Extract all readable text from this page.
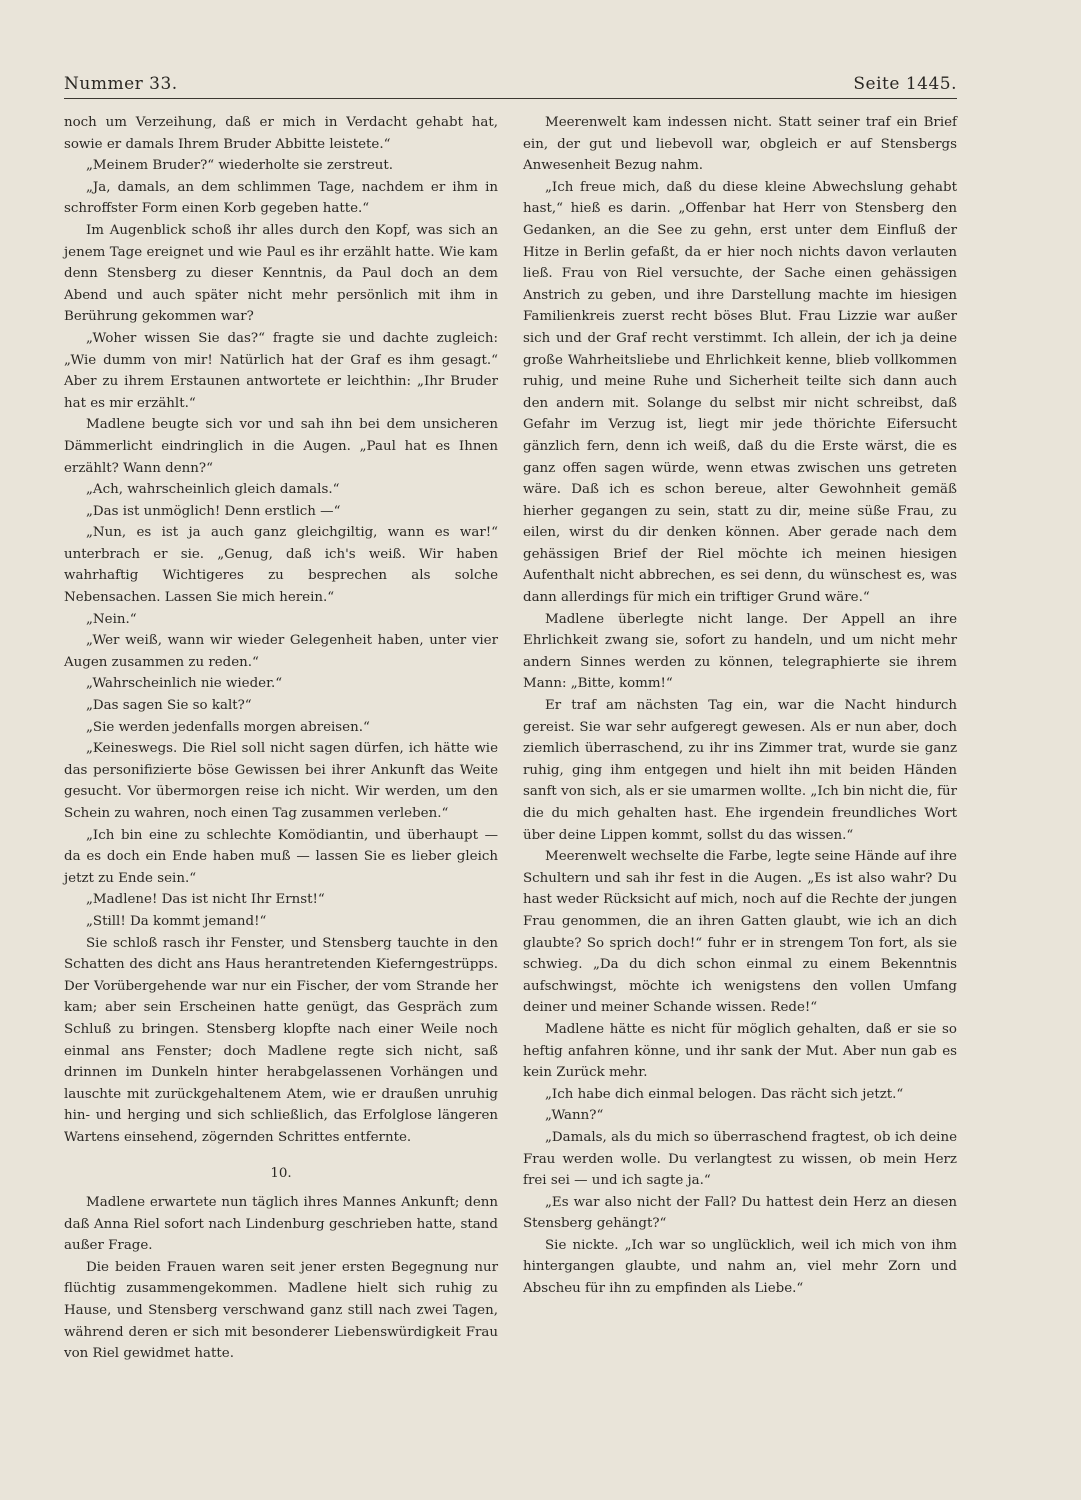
Nummer 33.	Seite 1445.

noch um Verzeihung, daß er mich in Verdacht gehabt hat, sowie er damals Ihrem Bruder Abbitte leistete.“

„Meinem Bruder?“ wiederholte sie zerstreut.

„Ja, damals, an dem schlimmen Tage, nachdem er ihm in schroffster Form einen Korb gegeben hatte.“

Im Augenblick schoß ihr alles durch den Kopf, was sich an jenem Tage ereignet und wie Paul es ihr erzählt hatte. Wie kam denn Stensberg zu dieser Kenntnis, da Paul doch an dem Abend und auch später nicht mehr persönlich mit ihm in Berührung gekommen war?

„Woher wissen Sie das?“ fragte sie und dachte zugleich: „Wie dumm von mir! Natürlich hat der Graf es ihm gesagt.“ Aber zu ihrem Erstaunen antwortete er leichthin: „Ihr Bruder hat es mir erzählt.“

Madlene beugte sich vor und sah ihn bei dem unsicheren Dämmerlicht eindringlich in die Augen. „Paul hat es Ihnen erzählt? Wann denn?“

„Ach, wahrscheinlich gleich damals.“

„Das ist unmöglich! Denn erstlich —“

„Nun, es ist ja auch ganz gleichgiltig, wann es war!“ unterbrach er sie. „Genug, daß ich's weiß. Wir haben wahrhaftig Wichtigeres zu besprechen als solche Nebensachen. Lassen Sie mich herein.“

„Nein.“

„Wer weiß, wann wir wieder Gelegenheit haben, unter vier Augen zusammen zu reden.“

„Wahrscheinlich nie wieder.“

„Das sagen Sie so kalt?“

„Sie werden jedenfalls morgen abreisen.“

„Keineswegs. Die Riel soll nicht sagen dürfen, ich hätte wie das personifizierte böse Gewissen bei ihrer Ankunft das Weite gesucht. Vor übermorgen reise ich nicht. Wir werden, um den Schein zu wahren, noch einen Tag zusammen verleben.“

„Ich bin eine zu schlechte Komödiantin, und überhaupt — da es doch ein Ende haben muß — lassen Sie es lieber gleich jetzt zu Ende sein.“

„Madlene! Das ist nicht Ihr Ernst!“

„Still! Da kommt jemand!“

Sie schloß rasch ihr Fenster, und Stensberg tauchte in den Schatten des dicht ans Haus herantretenden Kieferngestrüpps. Der Vorübergehende war nur ein Fischer, der vom Strande her kam; aber sein Erscheinen hatte genügt, das Gespräch zum Schluß zu bringen. Stensberg klopfte nach einer Weile noch einmal ans Fenster; doch Madlene regte sich nicht, saß drinnen im Dunkeln hinter herabgelassenen Vorhängen und lauschte mit zurückgehaltenem Atem, wie er draußen unruhig hin- und herging und sich schließlich, das Erfolglose längeren Wartens einsehend, zögernden Schrittes entfernte.

10.

Madlene erwartete nun täglich ihres Mannes Ankunft; denn daß Anna Riel sofort nach Lindenburg geschrieben hatte, stand außer Frage.

Die beiden Frauen waren seit jener ersten Begegnung nur flüchtig zusammengekommen. Madlene hielt sich ruhig zu Hause, und Stensberg verschwand ganz still nach zwei Tagen, während deren er sich mit besonderer Liebenswürdigkeit Frau von Riel gewidmet hatte.

Meerenwelt kam indessen nicht. Statt seiner traf ein Brief ein, der gut und liebevoll war, obgleich er auf Stensbergs Anwesenheit Bezug nahm.

„Ich freue mich, daß du diese kleine Abwechslung gehabt hast,“ hieß es darin. „Offenbar hat Herr von Stensberg den Gedanken, an die See zu gehn, erst unter dem Einfluß der Hitze in Berlin gefaßt, da er hier noch nichts davon verlauten ließ. Frau von Riel versuchte, der Sache einen gehässigen Anstrich zu geben, und ihre Darstellung machte im hiesigen Familienkreis zuerst recht böses Blut. Frau Lizzie war außer sich und der Graf recht verstimmt. Ich allein, der ich ja deine große Wahrheitsliebe und Ehrlichkeit kenne, blieb vollkommen ruhig, und meine Ruhe und Sicherheit teilte sich dann auch den andern mit. Solange du selbst mir nicht schreibst, daß Gefahr im Verzug ist, liegt mir jede thörichte Eifersucht gänzlich fern, denn ich weiß, daß du die Erste wärst, die es ganz offen sagen würde, wenn etwas zwischen uns getreten wäre. Daß ich es schon bereue, alter Gewohnheit gemäß hierher gegangen zu sein, statt zu dir, meine süße Frau, zu eilen, wirst du dir denken können. Aber gerade nach dem gehässigen Brief der Riel möchte ich meinen hiesigen Aufenthalt nicht abbrechen, es sei denn, du wünschest es, was dann allerdings für mich ein triftiger Grund wäre.“

Madlene überlegte nicht lange. Der Appell an ihre Ehrlichkeit zwang sie, sofort zu handeln, und um nicht mehr andern Sinnes werden zu können, telegraphierte sie ihrem Mann: „Bitte, komm!“

Er traf am nächsten Tag ein, war die Nacht hindurch gereist. Sie war sehr aufgeregt gewesen. Als er nun aber, doch ziemlich überraschend, zu ihr ins Zimmer trat, wurde sie ganz ruhig, ging ihm entgegen und hielt ihn mit beiden Händen sanft von sich, als er sie umarmen wollte. „Ich bin nicht die, für die du mich gehalten hast. Ehe irgendein freundliches Wort über deine Lippen kommt, sollst du das wissen.“

Meerenwelt wechselte die Farbe, legte seine Hände auf ihre Schultern und sah ihr fest in die Augen. „Es ist also wahr? Du hast weder Rücksicht auf mich, noch auf die Rechte der jungen Frau genommen, die an ihren Gatten glaubt, wie ich an dich glaubte? So sprich doch!“ fuhr er in strengem Ton fort, als sie schwieg. „Da du dich schon einmal zu einem Bekenntnis aufschwingst, möchte ich wenigstens den vollen Umfang deiner und meiner Schande wissen. Rede!“

Madlene hätte es nicht für möglich gehalten, daß er sie so heftig anfahren könne, und ihr sank der Mut. Aber nun gab es kein Zurück mehr.

„Ich habe dich einmal belogen. Das rächt sich jetzt.“

„Wann?“

„Damals, als du mich so überraschend fragtest, ob ich deine Frau werden wolle. Du verlangtest zu wissen, ob mein Herz frei sei — und ich sagte ja.“

„Es war also nicht der Fall? Du hattest dein Herz an diesen Stensberg gehängt?“

Sie nickte. „Ich war so unglücklich, weil ich mich von ihm hintergangen glaubte, und nahm an, viel mehr Zorn und Abscheu für ihn zu empfinden als Liebe.“
